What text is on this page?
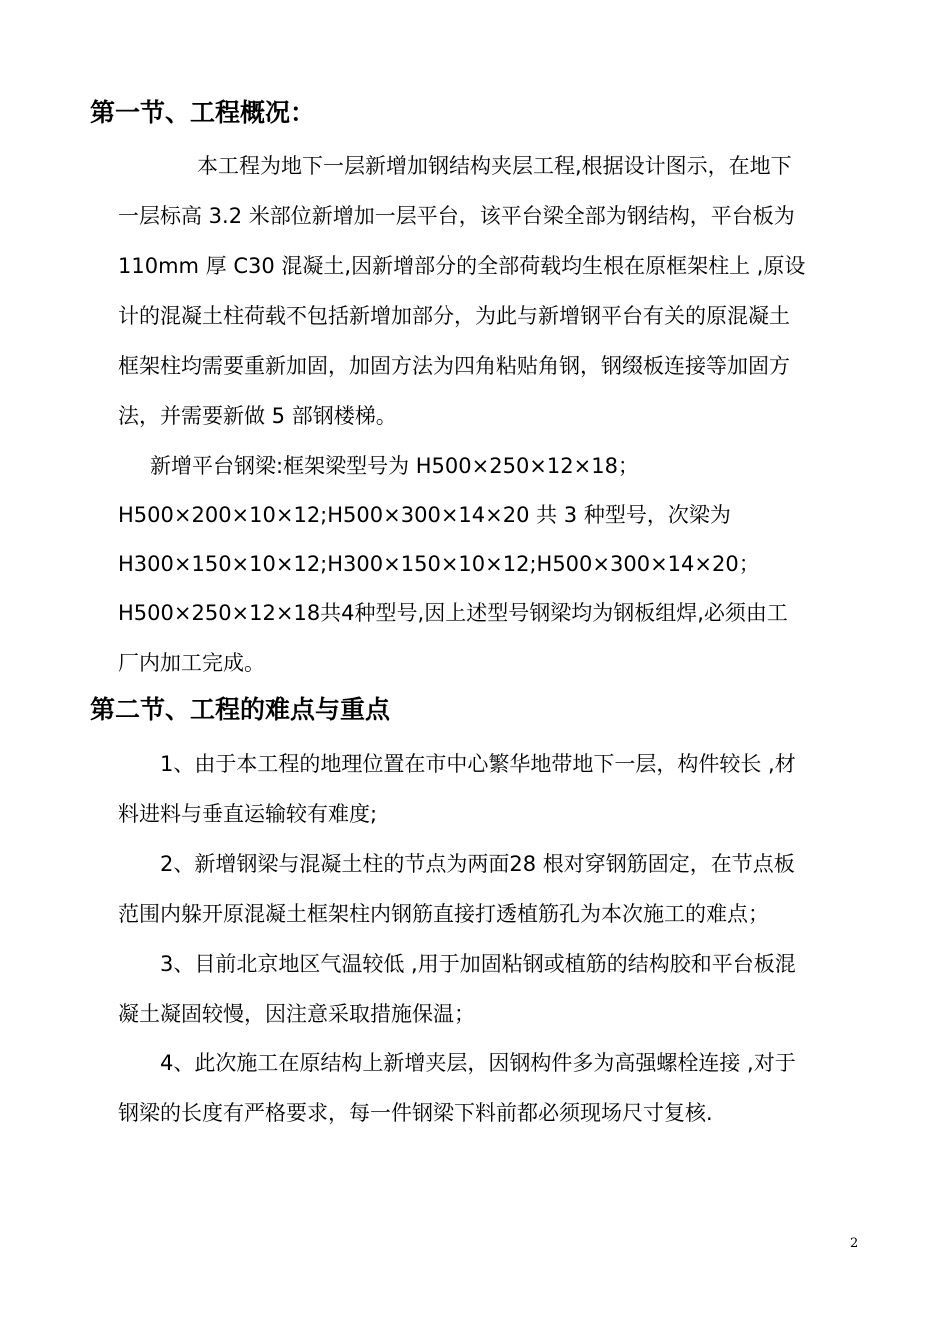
第一节、工程概况：
本工程为地下一层新增加钢结构夹层工程,根据设计图示，在地下
一层标高 3.2 米部位新增加一层平台，该平台梁全部为钢结构，平台板为
110mm 厚 C30 混凝土,因新增部分的全部荷载均生根在原框架柱上 ,原设
计的混凝土柱荷载不包括新增加部分，为此与新增钢平台有关的原混凝土
框架柱均需要重新加固，加固方法为四角粘贴角钢，钢缀板连接等加固方
法，并需要新做 5 部钢楼梯。
新增平台钢梁:框架梁型号为 H500×250×12×18；
H500×200×10×12;H500×300×14×20 共 3 种型号，次梁为
H300×150×10×12;H300×150×10×12;H500×300×14×20；
H500×250×12×18共4种型号,因上述型号钢梁均为钢板组焊,必须由工
厂内加工完成。
第二节、工程的难点与重点
1、由于本工程的地理位置在市中心繁华地带地下一层，构件较长 ,材
料进料与垂直运输较有难度;
2、新增钢梁与混凝土柱的节点为两面28 根对穿钢筋固定，在节点板
范围内躲开原混凝土框架柱内钢筋直接打透植筋孔为本次施工的难点；
3、目前北京地区气温较低 ,用于加固粘钢或植筋的结构胶和平台板混
凝土凝固较慢，因注意采取措施保温；
4、此次施工在原结构上新增夹层，因钢构件多为高强螺栓连接 ,对于
钢梁的长度有严格要求，每一件钢梁下料前都必须现场尺寸复核.
2
